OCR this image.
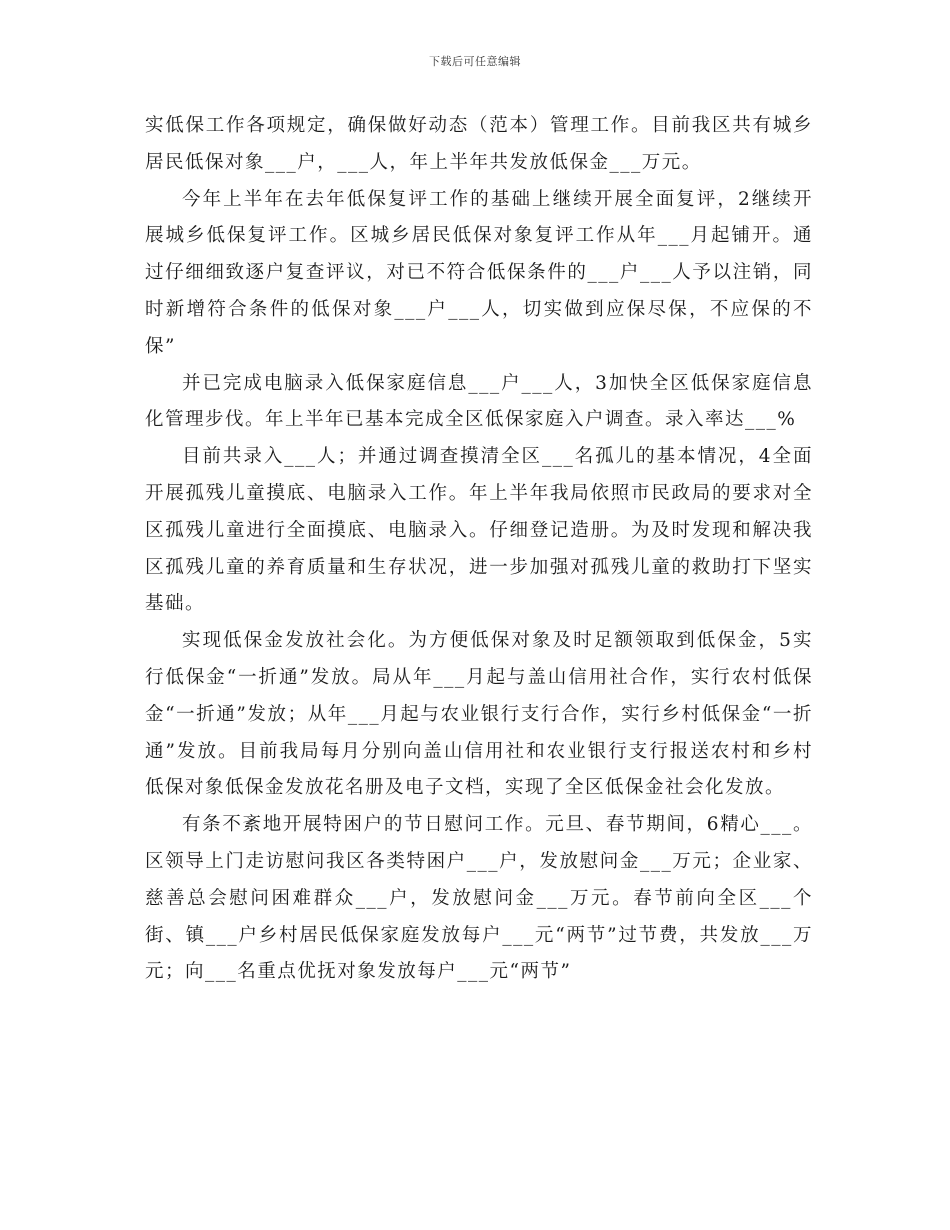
下载后可任意编辑

实低保工作各项规定，确保做好动态（范本）管理工作。目前我区共有城乡居民低保对象___户，___人，年上半年共发放低保金___万元。

今年上半年在去年低保复评工作的基础上继续开展全面复评，2继续开展城乡低保复评工作。区城乡居民低保对象复评工作从年___月起铺开。通过仔细细致逐户复查评议，对已不符合低保条件的___户___人予以注销，同时新增符合条件的低保对象___户___人，切实做到应保尽保，不应保的不保”

并已完成电脑录入低保家庭信息___户___人，3加快全区低保家庭信息化管理步伐。年上半年已基本完成全区低保家庭入户调查。录入率达___%

目前共录入___人；并通过调查摸清全区___名孤儿的基本情况，4全面开展孤残儿童摸底、电脑录入工作。年上半年我局依照市民政局的要求对全区孤残儿童进行全面摸底、电脑录入。仔细登记造册。为及时发现和解决我区孤残儿童的养育质量和生存状况，进一步加强对孤残儿童的救助打下坚实基础。

实现低保金发放社会化。为方便低保对象及时足额领取到低保金，5实行低保金“一折通”发放。局从年___月起与盖山信用社合作，实行农村低保金“一折通”发放；从年___月起与农业银行支行合作，实行乡村低保金“一折通”发放。目前我局每月分别向盖山信用社和农业银行支行报送农村和乡村低保对象低保金发放花名册及电子文档，实现了全区低保金社会化发放。

有条不紊地开展特困户的节日慰问工作。元旦、春节期间，6精心___。区领导上门走访慰问我区各类特困户___户，发放慰问金___万元；企业家、慈善总会慰问困难群众___户，发放慰问金___万元。春节前向全区___个街、镇___户乡村居民低保家庭发放每户___元“两节”过节费，共发放___万元；向___名重点优抚对象发放每户___元“两节”
